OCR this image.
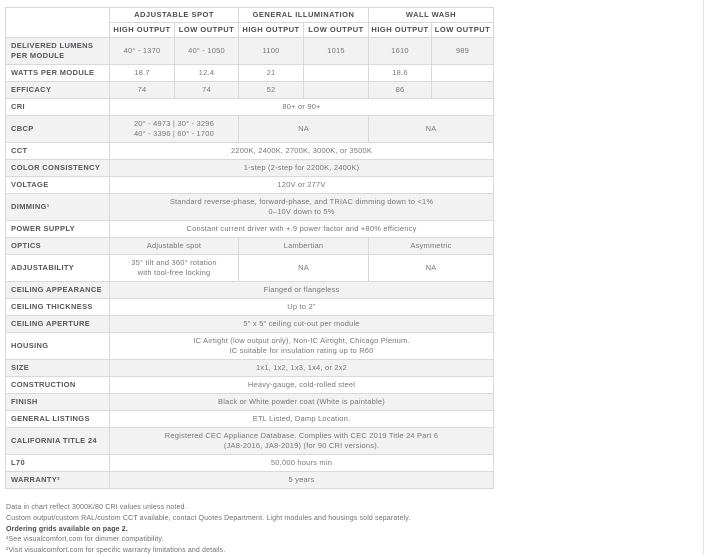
	ADJUSTABLE SPOT		GENERAL ILLUMINATION		WALL WASH	
	HIGH OUTPUT	LOW OUTPUT	HIGH OUTPUT	LOW OUTPUT	HIGH OUTPUT	LOW OUTPUT
DELIVERED LUMENS PER MODULE	40° - 1370	40° - 1050	1100	1015	1610	989
WATTS PER MODULE	18.7	12.4	21		18.6	
EFFICACY	74	74	52		86	
CRI	80+ or 90+					
CBCP	20° - 4973 | 30° - 3296
40° - 3396 | 60° - 1700		NA		NA	
CCT	2200K, 2400K, 2700K, 3000K, or 3500K					
COLOR CONSISTENCY	1-step (2-step for 2200K, 2400K)					
VOLTAGE	120V or 277V					
DIMMING¹	Standard reverse-phase, forward-phase, and TRIAC dimming down to <1%
0–10V down to 5%					
POWER SUPPLY	Constant current driver with +.9 power factor and +80% efficiency					
OPTICS	Adjustable spot		Lambertian		Asymmetric	
ADJUSTABILITY	35° tilt and 360° rotation
with tool-free locking		NA		NA	
CEILING APPEARANCE	Flanged or flangeless					
CEILING THICKNESS	Up to 2"					
CEILING APERTURE	5" x 5" ceiling cut-out per module					
HOUSING	IC Airtight (low output only), Non-IC Airtight, Chicago Plenum.
IC suitable for insulation rating up to R60					
SIZE	1x1, 1x2, 1x3, 1x4, or 2x2					
CONSTRUCTION	Heavy-gauge, cold-rolled steel					
FINISH	Black or White powder coat (White is paintable)					
GENERAL LISTINGS	ETL Listed, Damp Location.					
CALIFORNIA TITLE 24	Registered CEC Appliance Database. Complies with CEC 2019 Title 24 Part 6
(JA8-2016, JA8-2019) (for 90 CRI versions).					
L70	50,000 hours min					
WARRANTY²	5 years					
Data in chart reflect 3000K/80 CRI values unless noted.
Custom output/custom RAL/custom CCT available, contact Quotes Department. Light modules and housings sold separately.
Ordering grids available on page 2.
¹See visualcomfort.com for dimmer compatibility.
²Visit visualcomfort.com for specific warranty limitations and details.
